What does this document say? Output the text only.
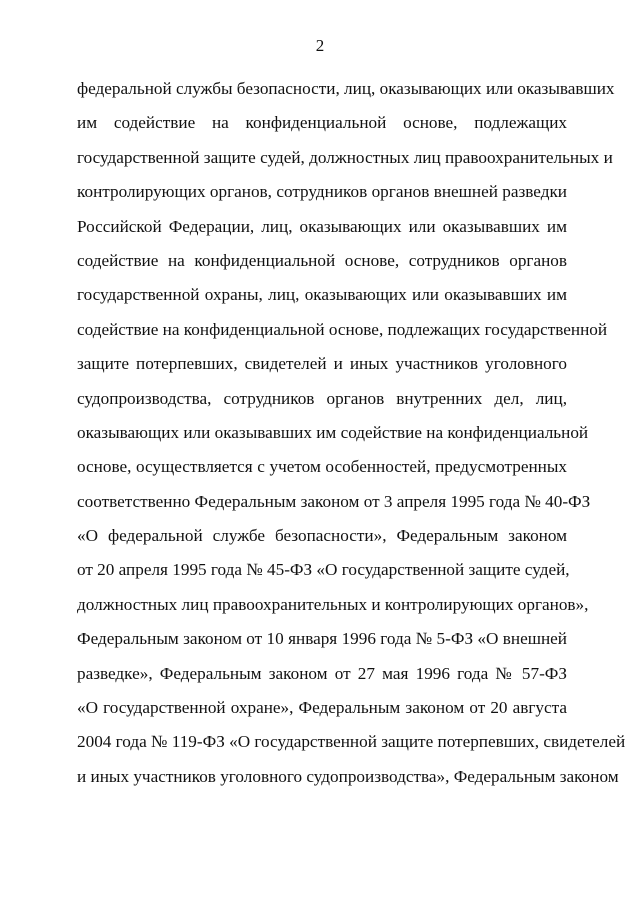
2
федеральной службы безопасности, лиц, оказывающих или оказывавших
им содействие на конфиденциальной основе, подлежащих
государственной защите судей, должностных лиц правоохранительных и
контролирующих органов, сотрудников органов внешней разведки
Российской Федерации, лиц, оказывающих или оказывавших им
содействие на конфиденциальной основе, сотрудников органов
государственной охраны, лиц, оказывающих или оказывавших им
содействие на конфиденциальной основе, подлежащих государственной
защите потерпевших, свидетелей и иных участников уголовного
судопроизводства, сотрудников органов внутренних дел, лиц,
оказывающих или оказывавших им содействие на конфиденциальной
основе, осуществляется с учетом особенностей, предусмотренных
соответственно Федеральным законом от 3 апреля 1995 года № 40-ФЗ
«О федеральной службе безопасности», Федеральным законом
от 20 апреля 1995 года № 45-ФЗ «О государственной защите судей,
должностных лиц правоохранительных и контролирующих органов»,
Федеральным законом от 10 января 1996 года № 5-ФЗ «О внешней
разведке», Федеральным законом от 27 мая 1996 года № 57-ФЗ
«О государственной охране», Федеральным законом от 20 августа
2004 года № 119-ФЗ «О государственной защите потерпевших, свидетелей
и иных участников уголовного судопроизводства», Федеральным законом
